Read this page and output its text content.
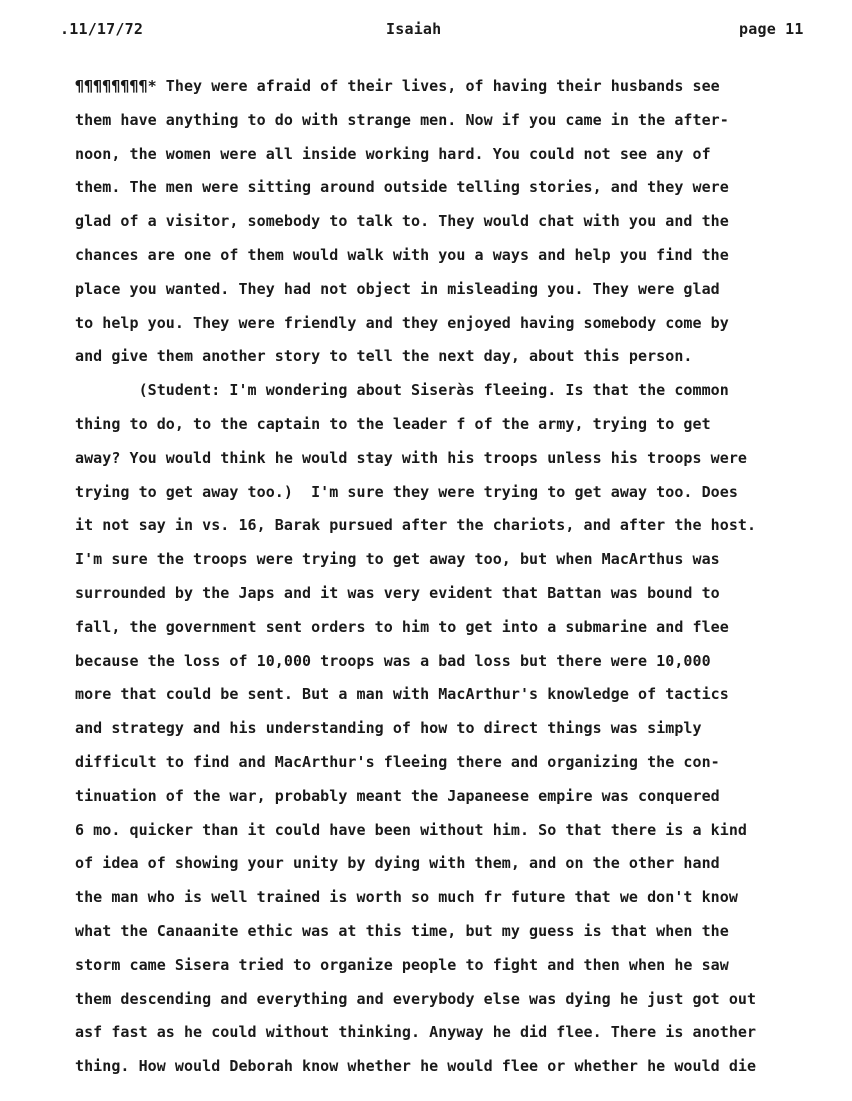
.11/17/72	Isaiah	page 11
¶¶¶¶¶¶¶¶* They were afraid of their lives, of having their husbands see
them have anything to do with strange men. Now if you came in the after-
noon, the women were all inside working hard. You could not see any of
them. The men were sitting around outside telling stories, and they were
glad of a visitor, somebody to talk to. They would chat with you and the
chances are one of them would walk with you a ways and help you find the
place you wanted. They had not object in misleading you. They were glad
to help you. They were friendly and they enjoyed having somebody come by
and give them another story to tell the next day, about this person.
(Student: I'm wondering about Siseràs fleeing. Is that the common
thing to do, to the captain to the leader f of the army, trying to get
away? You would think he would stay with his troops unless his troops were
trying to get away too.)  I'm sure they were trying to get away too. Does
it not say in vs. 16, Barak pursued after the chariots, and after the host.
I'm sure the troops were trying to get away too, but when MacArthus was
surrounded by the Japs and it was very evident that Battan was bound to
fall, the government sent orders to him to get into a submarine and flee
because the loss of 10,000 troops was a bad loss but there were 10,000
more that could be sent. But a man with MacArthur's knowledge of tactics
and strategy and his understanding of how to direct things was simply
difficult to find and MacArthur's fleeing there and organizing the con-
tinuation of the war, probably meant the Japaneese empire was conquered
6 mo. quicker than it could have been without him. So that there is a kind
of idea of showing your unity by dying with them, and on the other hand
the man who is well trained is worth so much fr future that we don't know
what the Canaanite ethic was at this time, but my guess is that when the
storm came Sisera tried to organize people to fight and then when he saw
them descending and everything and everybody else was dying he just got out
asf fast as he could without thinking. Anyway he did flee. There is another
thing. How would Deborah know whether he would flee or whether he would die
